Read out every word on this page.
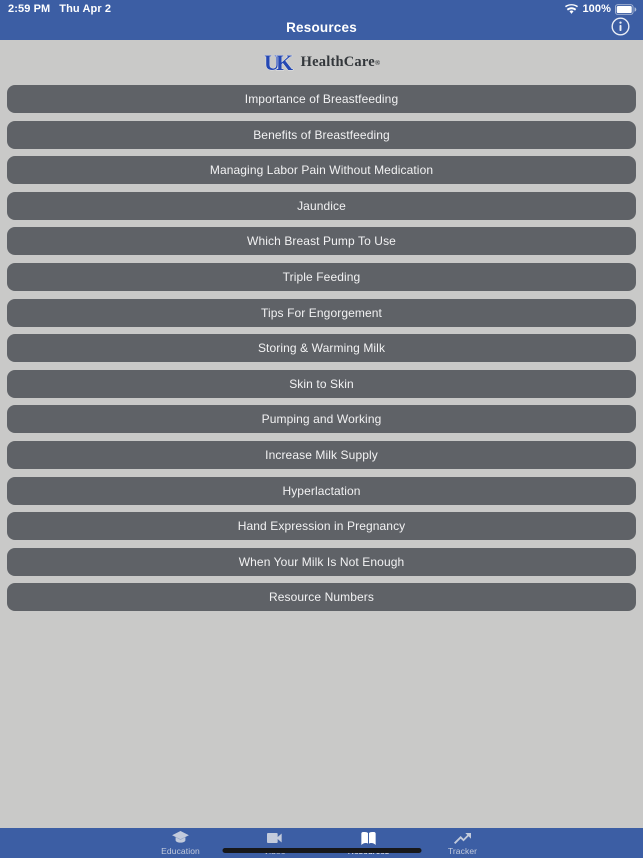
2:59 PM Thu Apr 2	100%
Resources
U
K HealthCare®
Importance of Breastfeeding
Benefits of Breastfeeding
Managing Labor Pain Without Medication
Jaundice
Which Breast Pump To Use
Triple Feeding
Tips For Engorgement
Storing & Warming Milk
Skin to Skin
Pumping and Working
Increase Milk Supply
Hyperlactation
Hand Expression in Pregnancy
When Your Milk Is Not Enough
Resource Numbers
Education	Tracker
